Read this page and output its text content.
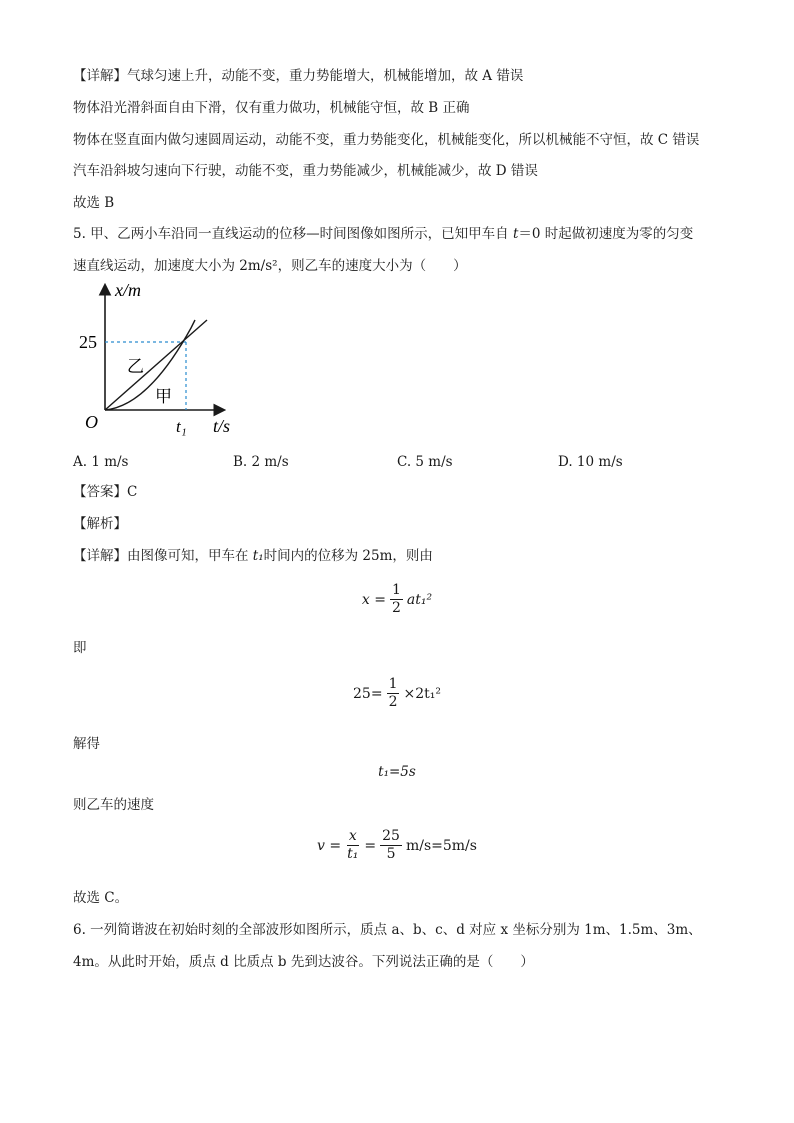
【详解】气球匀速上升，动能不变，重力势能增大，机械能增加，故 A 错误
物体沿光滑斜面自由下滑，仅有重力做功，机械能守恒，故 B 正确
物体在竖直面内做匀速圆周运动，动能不变，重力势能变化，机械能变化，所以机械能不守恒，故 C 错误
汽车沿斜坡匀速向下行驶，动能不变，重力势能减少，机械能减少，故 D 错误
故选 B
5. 甲、乙两小车沿同一直线运动的位移—时间图像如图所示，已知甲车自 t＝0 时起做初速度为零的匀变
速直线运动，加速度大小为 2m/s²，则乙车的速度大小为（　　）
x/m
t/s
O
25
t₁
乙
甲
A. 1 m/s	B. 2 m/s	C. 5 m/s	D. 10 m/s
【答案】C
【解析】
【详解】由图像可知，甲车在 t₁时间内的位移为 25m，则由
$x = \frac{1}{2} at_1^2$
即
$25= \frac{1}{2} \times 2t_1^2$
解得
t₁=5s
则乙车的速度
$v = \frac{x}{\text{t₁}} = \frac{25}{5} m/s=5m/s$
故选 C。
6. 一列简谐波在初始时刻的全部波形如图所示，质点 a、b、c、d 对应 x 坐标分别为 1m、1.5m、3m、
4m。从此时开始，质点 d 比质点 b 先到达波谷。下列说法正确的是（　　）
